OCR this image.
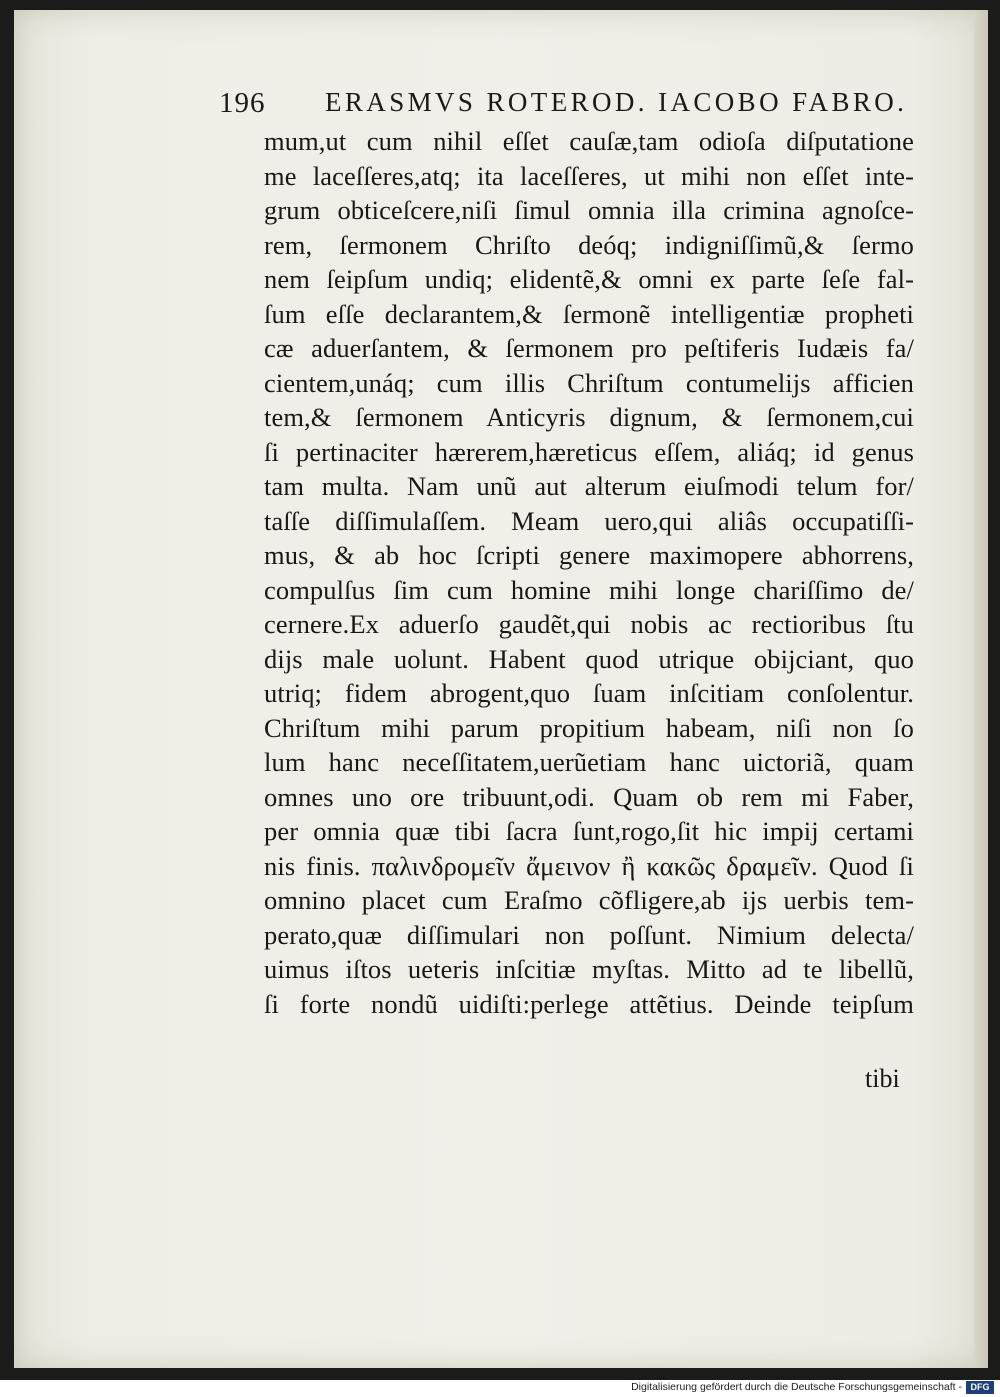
196 ERASMVS ROTEROD. IACOBO FABRO.
mum,ut cum nihil eſſet cauſæ,tam odioſa diſputatione
me laceſſeres,atq; ita laceſſeres, ut mihi non eſſet inte-
grum obticeſcere,niſi ſimul omnia illa crimina agnoſce-
rem, ſermonem Chriſto deóq; indigniſſimũ,& ſermo
nem ſeipſum undiq; elidentẽ,& omni ex parte ſeſe fal-
ſum eſſe declarantem,& ſermonẽ intelligentiæ propheti
cæ aduerſantem, & ſermonem pro peſtiferis Iudæis fa/
cientem,unáq; cum illis Chriſtum contumelijs afficien
tem,& ſermonem Anticyris dignum, & ſermonem,cui
ſi pertinaciter hærerem,hæreticus eſſem, aliáq; id genus
tam multa. Nam unũ aut alterum eiuſmodi telum for/
taſſe diſſimulaſſem. Meam uero,qui aliâs occupatiſſi-
mus, & ab hoc ſcripti genere maximopere abhorrens,
compulſus ſim cum homine mihi longe chariſſimo de/
cernere.Ex aduerſo gaudẽt,qui nobis ac rectioribus ſtu
dijs male uolunt. Habent quod utrique obijciant, quo
utriq; fidem abrogent,quo ſuam inſcitiam conſolentur.
Chriſtum mihi parum propitium habeam, niſi non ſo
lum hanc neceſſitatem,uerũetiam hanc uictoriã, quam
omnes uno ore tribuunt,odi. Quam ob rem mi Faber,
per omnia quæ tibi ſacra ſunt,rogo,ſit hic impij certami
nis finis. παλινδρομεῖν ἄμεινον ἢ κακῶς δραμεῖν. Quod ſi
omnino placet cum Eraſmo cõfligere,ab ijs uerbis tem-
perato,quæ diſſimulari non poſſunt. Nimium delecta/
uimus iſtos ueteris inſcitiæ myſtas. Mitto ad te libellũ,
ſi forte nondũ uidiſti:perlege attẽtius. Deinde teipſum
tibi
Digitalisierung gefördert durch die Deutsche Forschungsgemeinschaft - DFG
